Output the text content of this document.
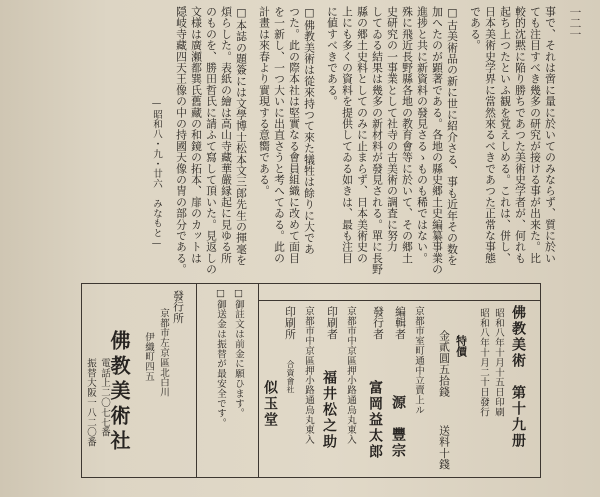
一二一
事で、それは啻に量に於いてのみならず、質に於い
ても注目すべき幾多の研究が接ける事が出来た。比
較的沈黙に陥り勝ちであつた美術史学者が、何れも
起ち上つたといふ観を覚えしめる。これは、併し、
日本美術史学界に當然來るべきであつた正常な事態
である。
□古美術品の新に世に紹介さる、事も近年その数を
加へたのが顕著である。各地の縣史郷土史編纂事業の
進捗と共に新資料の發見さるゝものも稀ではない。
殊に飛近長野縣各地の教育會等に於いて、その郷土
史研究の一事業として社寺の古美術の調査に努力
してゐる結果は幾多の新材料が發見される。單に長野
縣の郷土史料としてのみに止まらず、日本美術史の
上にも多くの資料を提供してゐる如きは、最も注目
に値すべきである。
□佛教美術は從來持つて來た犠牲は餘りに大であ
つた。此の際本社は堅實なる會員組織に改めて面目
を一新し、一つ大いに出直さうと考へてゐる。此の
計畫は來春より實現する意嚮である。
□本誌の題簽には文學博士松本文三郎先生の揮毫を
煩らした。表紙の繪は高山寺藏華嚴縁起に見ゆる所
のものを、勝田哲氏に請ふて寫して頂いた。見返しの
文様は廣瀬都巽氏舊藏の和鏡の拓本、扉のカットは
隠岐寺藏四天王像の中の持國天像の冑の部分である。
—昭和八・九・廿六　みなもと—
佛教美術　第十九册
昭和八年十月十五日印刷
昭和八年十月二十日發行
特價
金貳圓五拾錢
送料十錢
京都市室町通中立賣上ル
編輯者
源　豐宗
發行者
富岡益太郎
京都市中京區押小路通烏丸東入
印刷者
福井松之助
京都市中京區押小路通烏丸東入
印刷所
合資會社
似玉堂
□御註文は前金に願ひます。
□御送金は振替が最安全です。
發行所
京都市左京區北白川
伊織町四五
佛教美術社
電話上二〇七七番
振替大阪一八二〇番
